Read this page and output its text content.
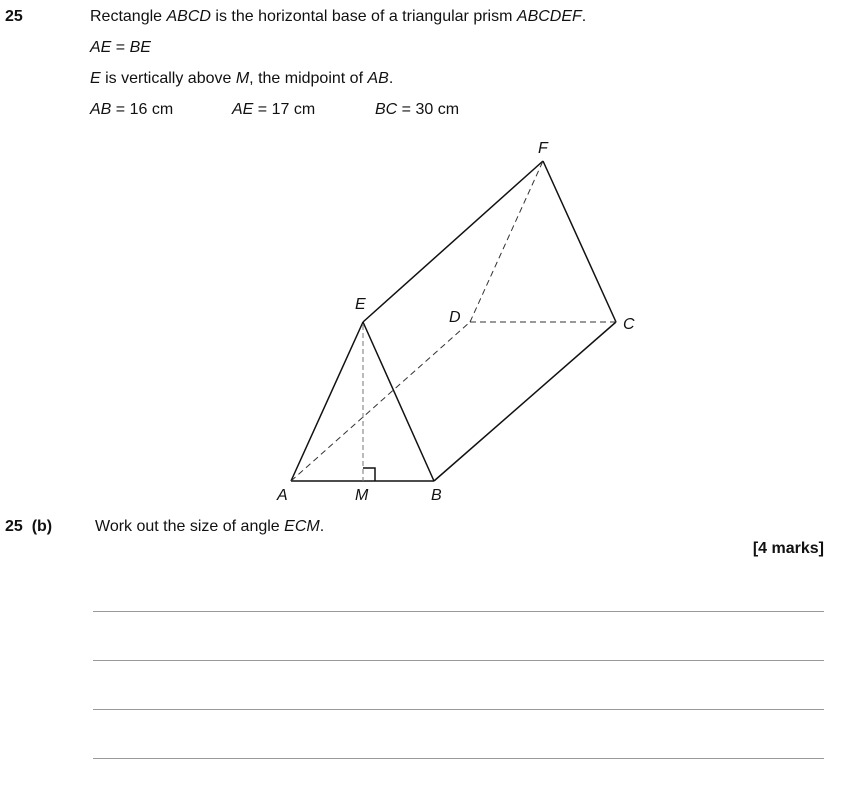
25	Rectangle ABCD is the horizontal base of a triangular prism ABCDEF.
AE = BE
E is vertically above M, the midpoint of AB.
AB = 16 cm	AE = 17 cm	BC = 30 cm
A	M	B
E
D	C
F
25 (b)	Work out the size of angle ECM.
[4 marks]
